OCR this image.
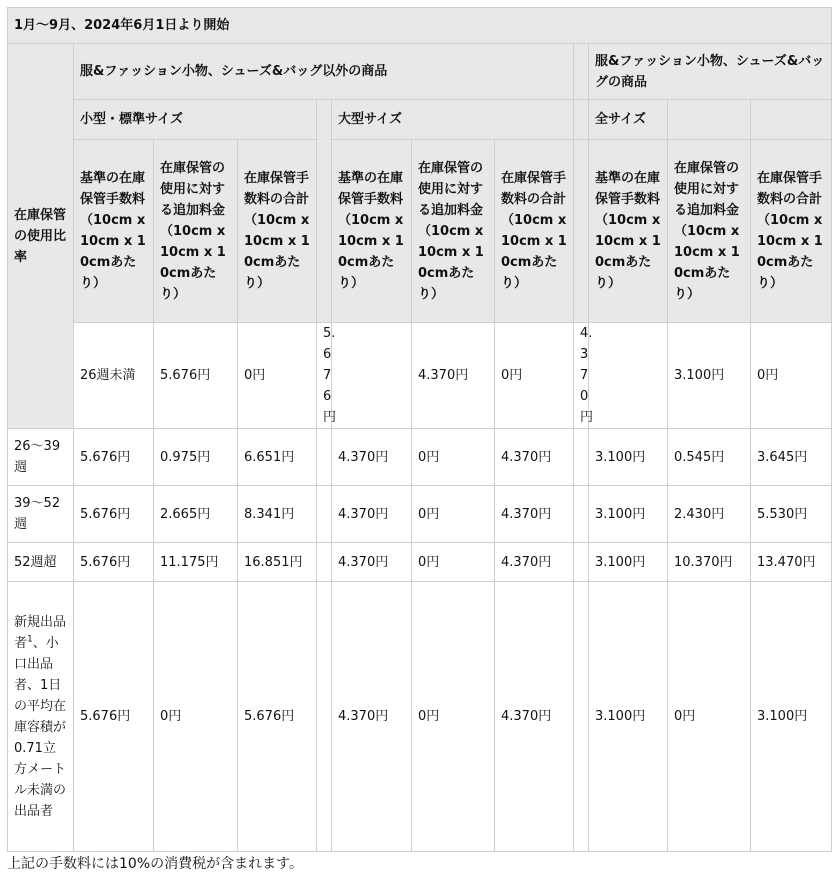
1月〜9月、2024年6月1日より開始												
在庫保管の使用比率	服&ファッション小物、シューズ&バッグ以外の商品								服&ファッション小物、シューズ&バッグの商品			
	小型・標準サイズ				大型サイズ				全サイズ			
	基準の在庫保管手数料（10cm x 10cm x 10cmあたり）	在庫保管の使用に対する追加料金（10cm x 10cm x 10cmあたり）	在庫保管手数料の合計（10cm x 10cm x 10cmあたり）		基準の在庫保管手数料（10cm x 10cm x 10cmあたり）	在庫保管の使用に対する追加料金（10cm x 10cm x 10cmあたり）	在庫保管手数料の合計（10cm x 10cm x 10cmあたり）		基準の在庫保管手数料（10cm x 10cm x 10cmあたり）	在庫保管の使用に対する追加料金（10cm x 10cm x 10cmあたり）	在庫保管手数料の合計（10cm x 10cm x 10cmあたり）	
	26週未満	5.676円	0円	5.676円		4.370円	0円	4.370円		3.100円	0円	
26〜39週	5.676円	0.975円	6.651円		4.370円	0円	4.370円		3.100円	0.545円	3.645円	
39〜52週	5.676円	2.665円	8.341円		4.370円	0円	4.370円		3.100円	2.430円	5.530円	
52週超	5.676円	11.175円	16.851円		4.370円	0円	4.370円		3.100円	10.370円	13.470円	
新規出品者$^1$、小口出品者、1日の平均在庫容積が0.71立方メートル未満の出品者	5.676円	0円	5.676円		4.370円	0円	4.370円		3.100円	0円	3.100円	
上記の手数料には10%の消費税が含まれます。
